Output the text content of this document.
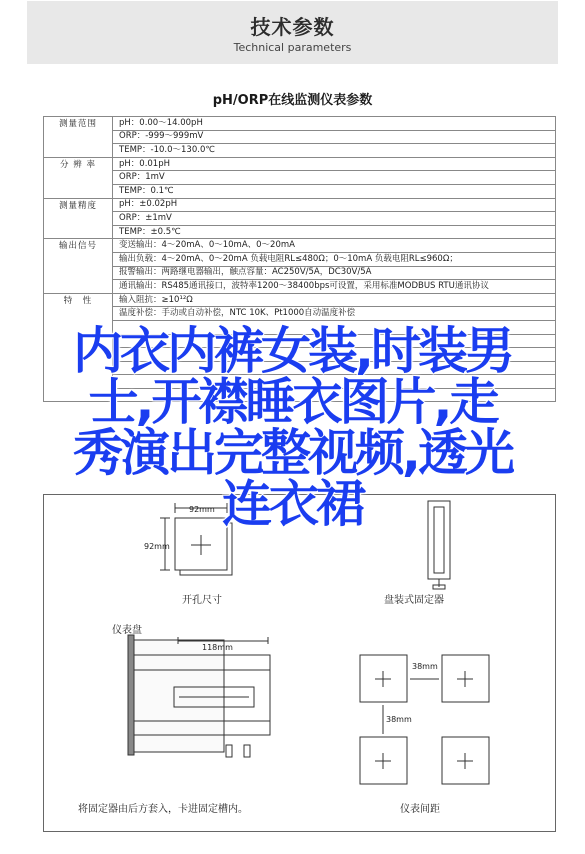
技术参数
Technical parameters
pH/ORP在线监测仪表参数
测量范围	pH：0.00～14.00pH
	ORP：-999～999mV
	TEMP：-10.0～130.0℃
分 辨 率	pH：0.01pH
	ORP：1mV
	TEMP：0.1℃
测量精度	pH：±0.02pH
	ORP：±1mV
	TEMP：±0.5℃
输出信号	变送输出：4～20mA、0～10mA、0～20mA
	输出负载：4～20mA、0～20mA 负载电阻RL≤480Ω；0～10mA 负载电阻RL≤960Ω；
	报警输出：两路继电器输出，触点容量：AC250V/5A，DC30V/5A
	通讯输出：RS485通讯接口，波特率1200～38400bps可设置，采用标准MODBUS RTU通讯协议
特　性	输入阻抗：≥10¹²Ω
	温度补偿：手动或自动补偿，NTC 10K、Pt1000自动温度补偿

92mm
92mm
开孔尺寸	盘装式固定器
仪表盘
118mm
38mm
38mm
将固定器由后方套入，卡进固定槽内。	仪表间距
内衣内裤女装,时装男
士,开襟睡衣图片,走
秀演出完整视频,透光
连衣裙
